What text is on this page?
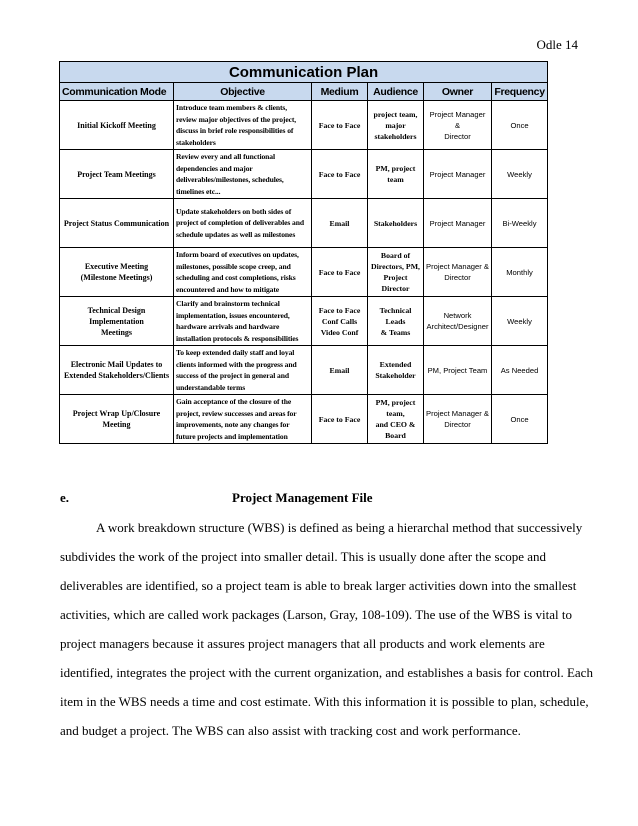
Odle 14
Communication Plan					
Communication Mode	Objective	Medium	Audience	Owner	Frequency
Initial Kickoff Meeting	Introduce team members & clients,
review major objectives of the project,
discuss in brief role responsibilities of
stakeholders	Face to Face	project team,
major
stakeholders	Project Manager
&
Director	Once
Project Team Meetings	Review every and all functional
dependencies and major
deliverables/milestones, schedules,
timelines etc...	Face to Face	PM, project team	Project Manager	Weekly
Project Status Communication	Update stakeholders on both sides of
project of completion of deliverables and
schedule updates as well as milestones	Email	Stakeholders	Project Manager	Bi-Weekly
Executive Meeting
(Milestone Meetings)	Inform board of executives on updates,
milestones, possible scope creep, and
scheduling and cost completions, risks
encountered and how to mitigate	Face to Face	Board of
Directors, PM,
Project Director	Project Manager &
Director	Monthly
Technical Design Implementation
Meetings	Clarify and brainstorm technical
implementation, issues encountered,
hardware arrivals and hardware
installation protocols & responsibilities	Face to Face
Conf Calls
Video Conf	Technical Leads
& Teams	Network
Architect/Designer	Weekly
Electronic Mail Updates to
Extended Stakeholders/Clients	To keep extended daily staff and loyal
clients informed with the progress and
success of the project in general and
understandable terms	Email	Extended
Stakeholder	PM, Project Team	As Needed
Project Wrap Up/Closure Meeting	Gain acceptance of the closure of the
project, review successes and areas for
improvements, note any changes for
future projects and implementation	Face to Face	PM, project team,
and CEO &
Board	Project Manager &
Director	Once
e.	Project Management File

A work breakdown structure (WBS) is defined as being a hierarchal method that successively
subdivides the work of the project into smaller detail. This is usually done after the scope and
deliverables are identified, so a project team is able to break larger activities down into the smallest
activities, which are called work packages (Larson, Gray, 108-109). The use of the WBS is vital to
project managers because it assures project managers that all products and work elements are
identified, integrates the project with the current organization, and establishes a basis for control. Each
item in the WBS needs a time and cost estimate. With this information it is possible to plan, schedule,
and budget a project. The WBS can also assist with tracking cost and work performance.
